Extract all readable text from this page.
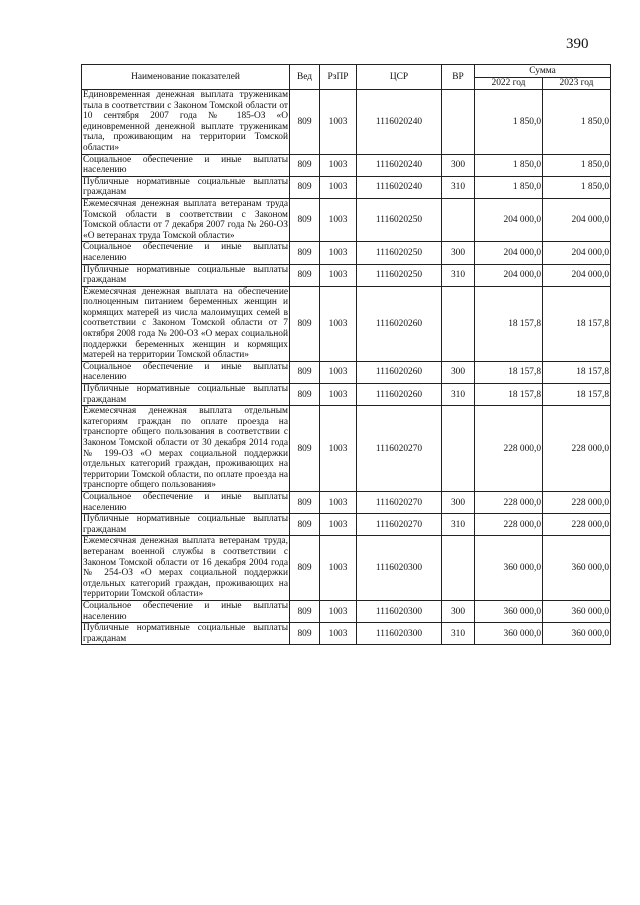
390
Наименование показателей	Вед	РзПР	ЦСР	ВР	Сумма	
					2022 год	2023 год
Единовременная денежная выплата труженикам тыла в соответствии с Законом Томской области от 10 сентября 2007 года № 185-ОЗ «О единовременной денежной выплате труженикам тыла, проживающим на территории Томской области»	809	1003	1116020240		1 850,0	1 850,0
Социальное обеспечение и иные выплаты населению	809	1003	1116020240	300	1 850,0	1 850,0
Публичные нормативные социальные выплаты гражданам	809	1003	1116020240	310	1 850,0	1 850,0
Ежемесячная денежная выплата ветеранам труда Томской области в соответствии с Законом Томской области от 7 декабря 2007 года № 260-ОЗ «О ветеранах труда Томской области»	809	1003	1116020250		204 000,0	204 000,0
Социальное обеспечение и иные выплаты населению	809	1003	1116020250	300	204 000,0	204 000,0
Публичные нормативные социальные выплаты гражданам	809	1003	1116020250	310	204 000,0	204 000,0
Ежемесячная денежная выплата на обеспечение полноценным питанием беременных женщин и кормящих матерей из числа малоимущих семей в соответствии с Законом Томской области от 7 октября 2008 года № 200-ОЗ «О мерах социальной поддержки беременных женщин и кормящих матерей на территории Томской области»	809	1003	1116020260		18 157,8	18 157,8
Социальное обеспечение и иные выплаты населению	809	1003	1116020260	300	18 157,8	18 157,8
Публичные нормативные социальные выплаты гражданам	809	1003	1116020260	310	18 157,8	18 157,8
Ежемесячная денежная выплата отдельным категориям граждан по оплате проезда на транспорте общего пользования в соответствии с Законом Томской области от 30 декабря 2014 года № 199-ОЗ «О мерах социальной поддержки отдельных категорий граждан, проживающих на территории Томской области, по оплате проезда на транспорте общего пользования»	809	1003	1116020270		228 000,0	228 000,0
Социальное обеспечение и иные выплаты населению	809	1003	1116020270	300	228 000,0	228 000,0
Публичные нормативные социальные выплаты гражданам	809	1003	1116020270	310	228 000,0	228 000,0
Ежемесячная денежная выплата ветеранам труда, ветеранам военной службы в соответствии с Законом Томской области от 16 декабря 2004 года № 254-ОЗ «О мерах социальной поддержки отдельных категорий граждан, проживающих на территории Томской области»	809	1003	1116020300		360 000,0	360 000,0
Социальное обеспечение и иные выплаты населению	809	1003	1116020300	300	360 000,0	360 000,0
Публичные нормативные социальные выплаты гражданам	809	1003	1116020300	310	360 000,0	360 000,0
